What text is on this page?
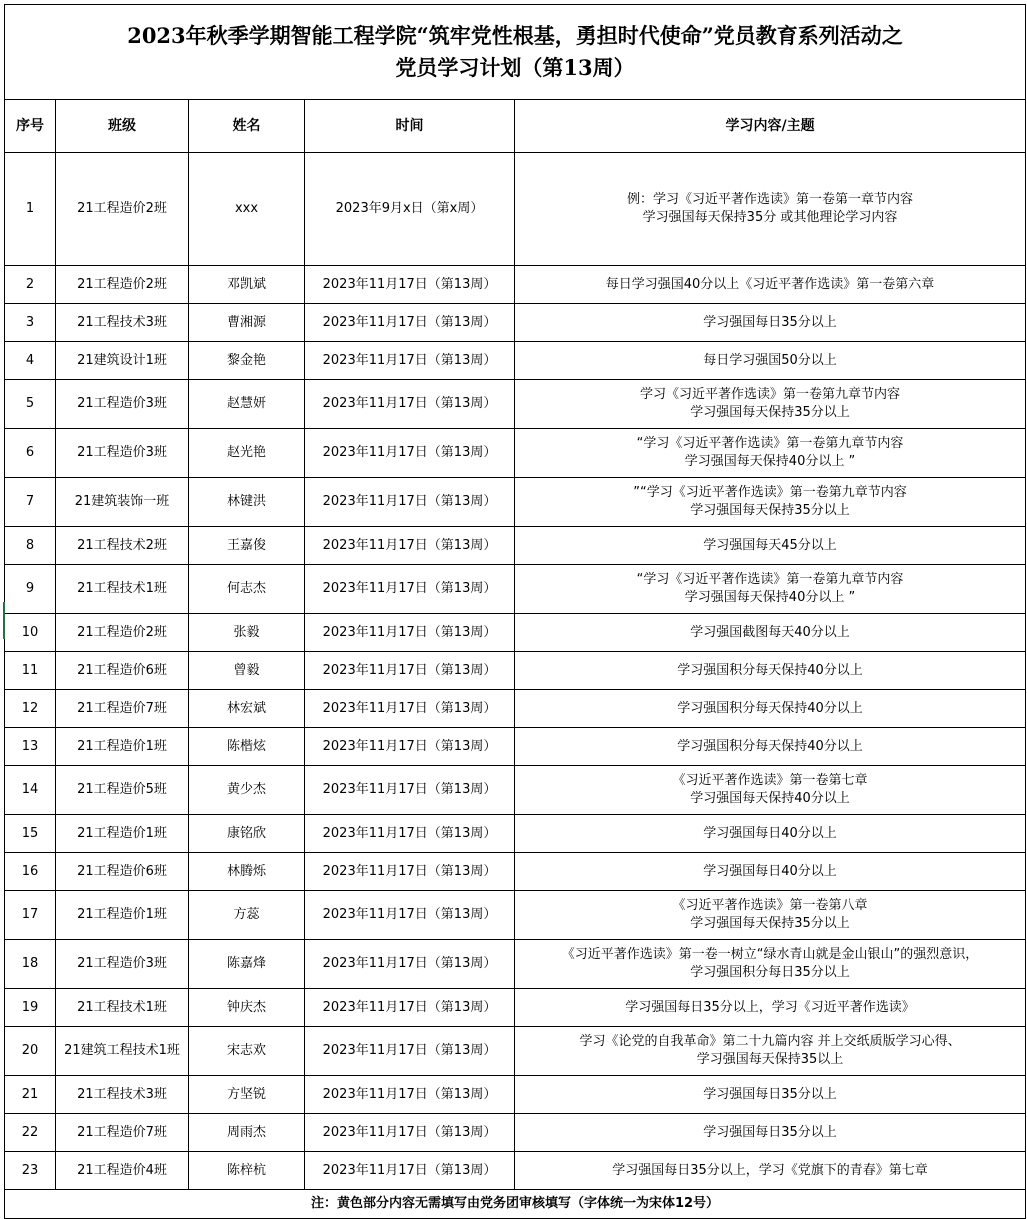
2023年秋季学期智能工程学院“筑牢党性根基，勇担时代使命”党员教育系列活动之
党员学习计划（第13周）				

序号	班级	姓名	时间	学习内容/主题
1	21工程造价2班	xxx	2023年9月x日（第x周）	例：学习《习近平著作选读》第一卷第一章节内容
学习强国每天保持35分 或其他理论学习内容
2	21工程造价2班	邓凯斌	2023年11月17日（第13周）	每日学习强国40分以上《习近平著作选读》第一卷第六章
3	21工程技术3班	曹湘源	2023年11月17日（第13周）	学习强国每日35分以上
4	21建筑设计1班	黎金艳	2023年11月17日（第13周）	每日学习强国50分以上
5	21工程造价3班	赵慧妍	2023年11月17日（第13周）	学习《习近平著作选读》第一卷第九章节内容
学习强国每天保持35分以上
6	21工程造价3班	赵光艳	2023年11月17日（第13周）	“学习《习近平著作选读》第一卷第九章节内容
学习强国每天保持40分以上 ”
7	21建筑装饰一班	林键洪	2023年11月17日（第13周）	”“学习《习近平著作选读》第一卷第九章节内容
学习强国每天保持35分以上
8	21工程技术2班	王嘉俊	2023年11月17日（第13周）	学习强国每天45分以上
9	21工程技术1班	何志杰	2023年11月17日（第13周）	“学习《习近平著作选读》第一卷第九章节内容
学习强国每天保持40分以上 ”
10	21工程造价2班	张毅	2023年11月17日（第13周）	学习强国截图每天40分以上
11	21工程造价6班	曾毅	2023年11月17日（第13周）	学习强国积分每天保持40分以上
12	21工程造价7班	林宏斌	2023年11月17日（第13周）	学习强国积分每天保持40分以上
13	21工程造价1班	陈楷炫	2023年11月17日（第13周）	学习强国积分每天保持40分以上
14	21工程造价5班	黄少杰	2023年11月17日（第13周）	《习近平著作选读》第一卷第七章
学习强国每天保持40分以上
15	21工程造价1班	康铭欣	2023年11月17日（第13周）	学习强国每日40分以上
16	21工程造价6班	林腾烁	2023年11月17日（第13周）	学习强国每日40分以上
17	21工程造价1班	方蕊	2023年11月17日（第13周）	《习近平著作选读》第一卷第八章
学习强国每天保持35分以上
18	21工程造价3班	陈嘉烽	2023年11月17日（第13周）	《习近平著作选读》第一卷一树立“绿水青山就是金山银山”的强烈意识，
学习强国积分每日35分以上
19	21工程技术1班	钟庆杰	2023年11月17日（第13周）	学习强国每日35分以上，学习《习近平著作选读》
20	21建筑工程技术1班	宋志欢	2023年11月17日（第13周）	学习《论党的自我革命》第二十九篇内容 并上交纸质版学习心得、
学习强国每天保持35以上
21	21工程技术3班	方坚锐	2023年11月17日（第13周）	学习强国每日35分以上
22	21工程造价7班	周雨杰	2023年11月17日（第13周）	学习强国每日35分以上
23	21工程造价4班	陈梓杭	2023年11月17日（第13周）	学习强国每日35分以上，学习《党旗下的青春》第七章
注：黄色部分内容无需填写由党务团审核填写（字体统一为宋体12号）				
